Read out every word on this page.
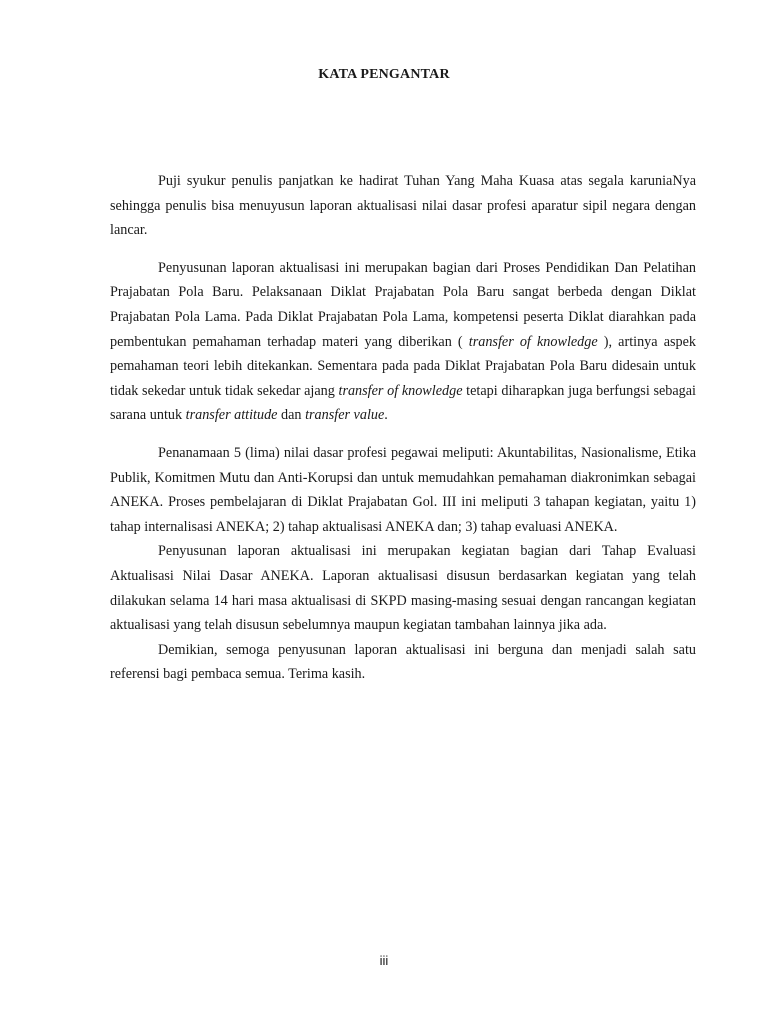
KATA PENGANTAR

Puji syukur penulis panjatkan ke hadirat Tuhan Yang Maha Kuasa atas segala karuniaNya sehingga penulis bisa menuyusun laporan aktualisasi nilai dasar profesi aparatur sipil negara dengan lancar.

Penyusunan laporan aktualisasi ini merupakan bagian dari Proses Pendidikan Dan Pelatihan Prajabatan Pola Baru. Pelaksanaan Diklat Prajabatan Pola Baru sangat berbeda dengan Diklat Prajabatan Pola Lama. Pada Diklat Prajabatan Pola Lama, kompetensi peserta Diklat diarahkan pada pembentukan pemahaman terhadap materi yang diberikan ( transfer of knowledge ), artinya aspek pemahaman teori lebih ditekankan. Sementara pada pada Diklat Prajabatan Pola Baru didesain untuk tidak sekedar untuk tidak sekedar ajang transfer of knowledge tetapi diharapkan juga berfungsi sebagai sarana untuk transfer attitude dan transfer value.

Penanamaan 5 (lima) nilai dasar profesi pegawai meliputi: Akuntabilitas, Nasionalisme, Etika Publik, Komitmen Mutu dan Anti-Korupsi dan untuk memudahkan pemahaman diakronimkan sebagai ANEKA. Proses pembelajaran di Diklat Prajabatan Gol. III ini meliputi 3 tahapan kegiatan, yaitu 1) tahap internalisasi ANEKA; 2) tahap aktualisasi ANEKA dan; 3) tahap evaluasi ANEKA.

Penyusunan laporan aktualisasi ini merupakan kegiatan bagian dari Tahap Evaluasi Aktualisasi Nilai Dasar ANEKA. Laporan aktualisasi disusun berdasarkan kegiatan yang telah dilakukan selama 14 hari masa aktualisasi di SKPD masing-masing sesuai dengan rancangan kegiatan aktualisasi yang telah disusun sebelumnya maupun kegiatan tambahan lainnya jika ada.

Demikian, semoga penyusunan laporan aktualisasi ini berguna dan menjadi salah satu referensi bagi pembaca semua. Terima kasih.

iii
